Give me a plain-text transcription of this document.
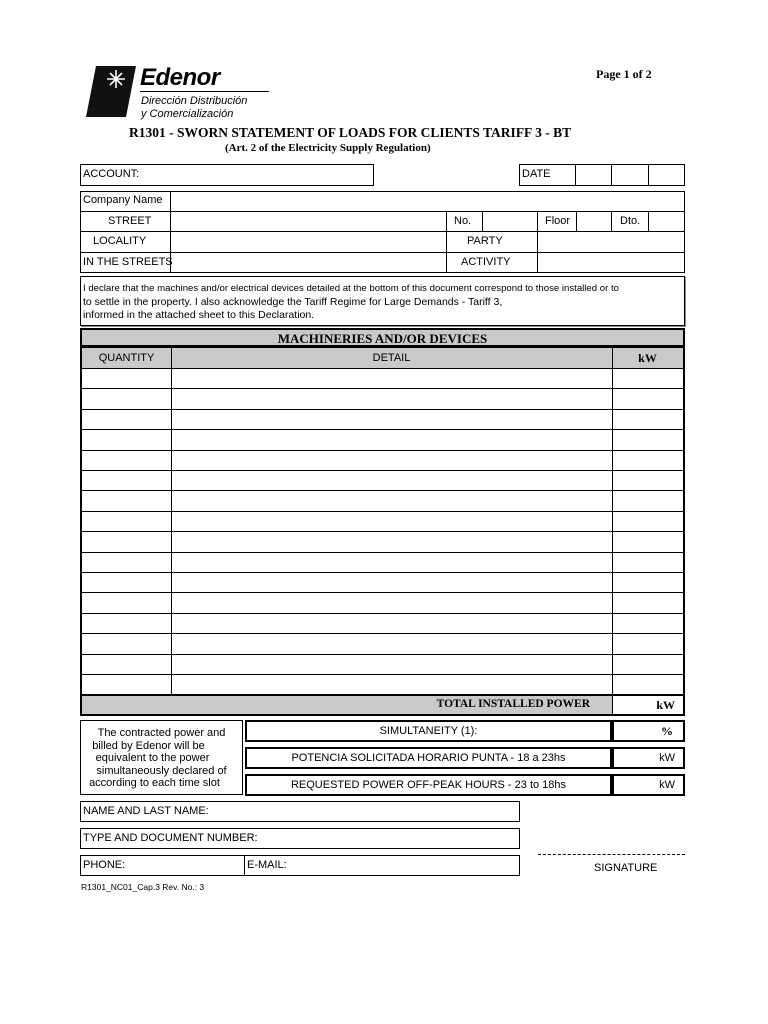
Edenor
Dirección Distribución
y Comercialización
Page 1 of 2
R1301 - SWORN STATEMENT OF LOADS FOR CLIENTS TARIFF 3 - BT
(Art. 2 of the Electricity Supply Regulation)
ACCOUNT:	DATE
Company Name
STREET	No.	Floor	Dto.
LOCALITY	PARTY
IN THE STREETS	ACTIVITY
I declare that the machines and/or electrical devices detailed at the bottom of this document correspond to those installed or to
to settle in the property. I also acknowledge the Tariff Regime for Large Demands - Tariff 3,
informed in the attached sheet to this Declaration.
MACHINERIES AND/OR DEVICES
QUANTITY	DETAIL	kW
TOTAL INSTALLED POWER	kW
The contracted power and
billed by Edenor will be
equivalent to the power
simultaneously declared of
according to each time slot
SIMULTANEITY (1):	%
POTENCIA SOLICITADA HORARIO PUNTA - 18 a 23hs	kW
REQUESTED POWER OFF-PEAK HOURS - 23 to 18hs	kW
NAME AND LAST NAME:
TYPE AND DOCUMENT NUMBER:
PHONE:	E-MAIL:	SIGNATURE
R1301_NC01_Cap.3 Rev. No.: 3
